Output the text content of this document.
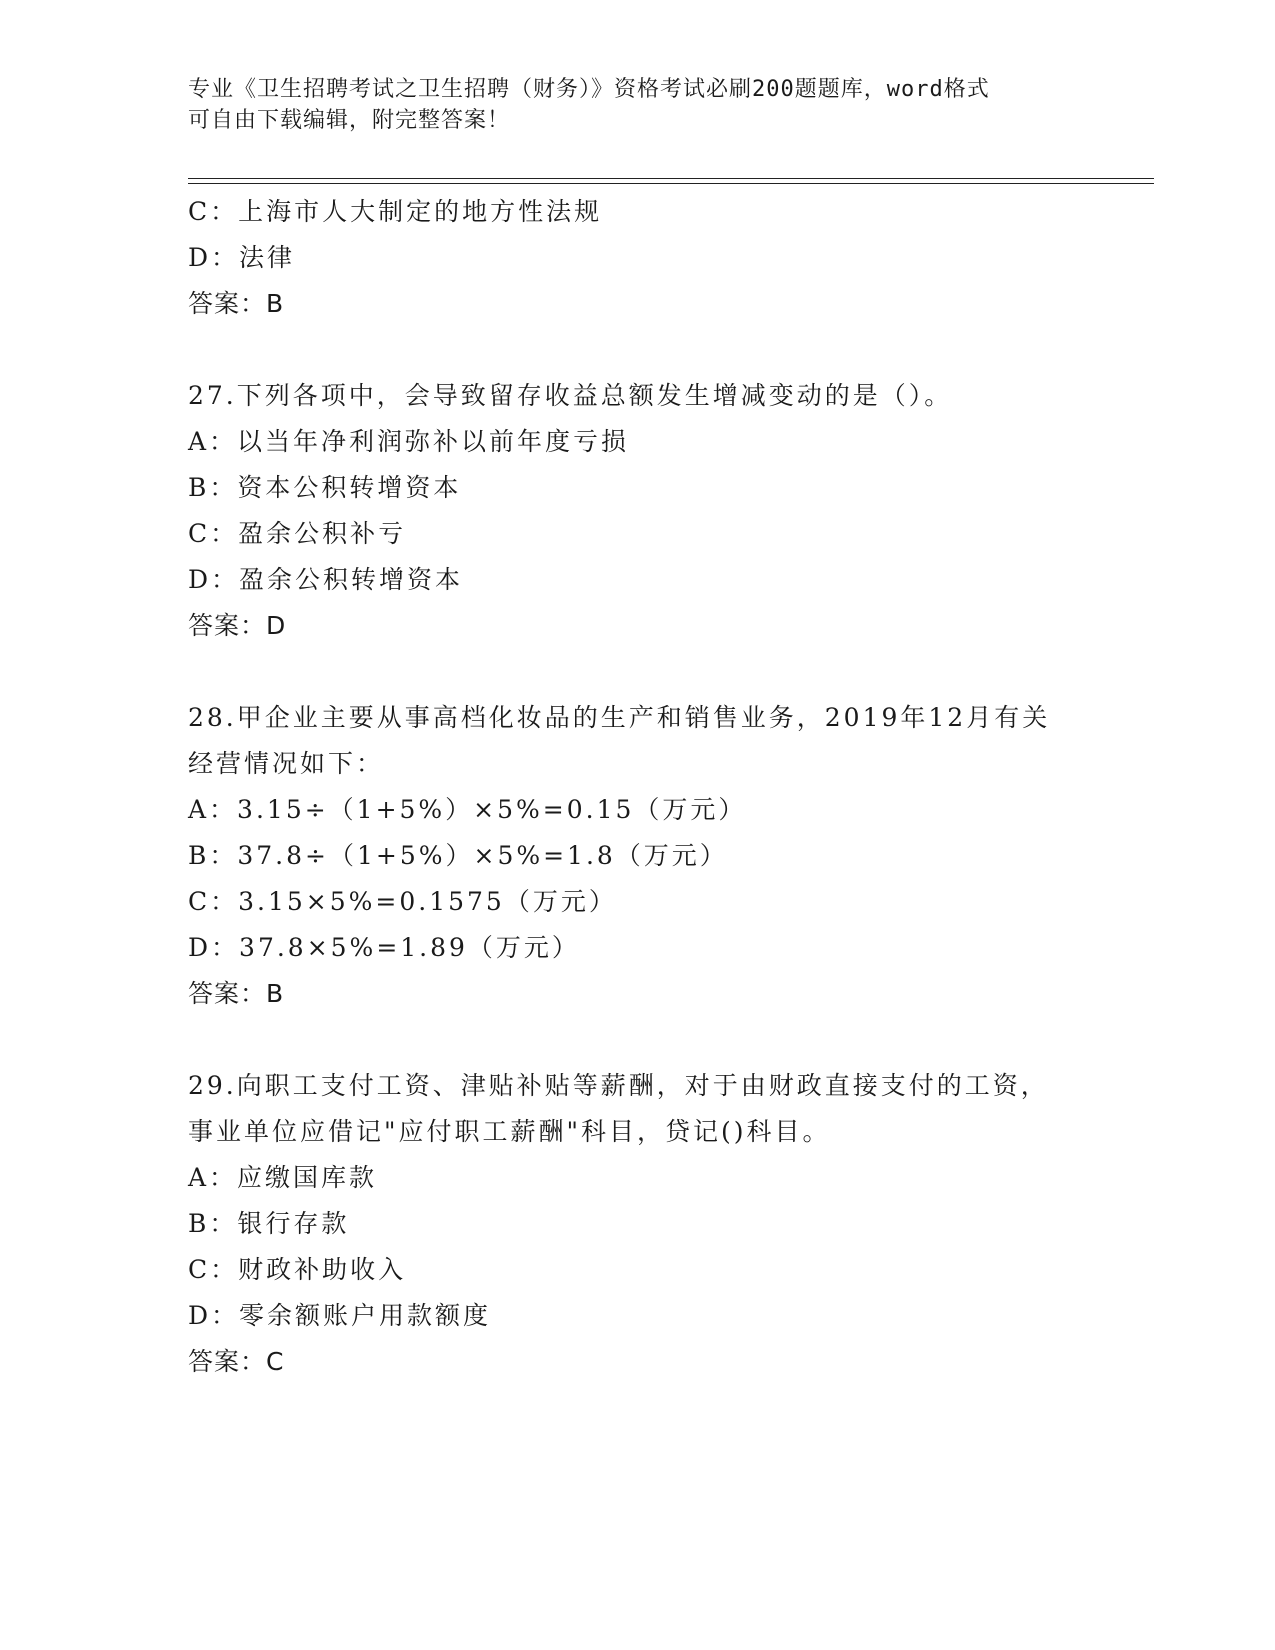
专业《卫生招聘考试之卫生招聘（财务）》资格考试必刷200题题库，word格式
可自由下载编辑，附完整答案！
C：上海市人大制定的地方性法规
D：法律
答案：B
27.下列各项中，会导致留存收益总额发生增减变动的是（）。
A：以当年净利润弥补以前年度亏损
B：资本公积转增资本
C：盈余公积补亏
D：盈余公积转增资本
答案：D
28.甲企业主要从事高档化妆品的生产和销售业务，2019年12月有关
经营情况如下：
A：3.15÷（1+5%）×5%=0.15（万元）
B：37.8÷（1+5%）×5%=1.8（万元）
C：3.15×5%=0.1575（万元）
D：37.8×5%=1.89（万元）
答案：B
29.向职工支付工资、津贴补贴等薪酬，对于由财政直接支付的工资，
事业单位应借记"应付职工薪酬"科目，贷记()科目。
A：应缴国库款
B：银行存款
C：财政补助收入
D：零余额账户用款额度
答案：C
